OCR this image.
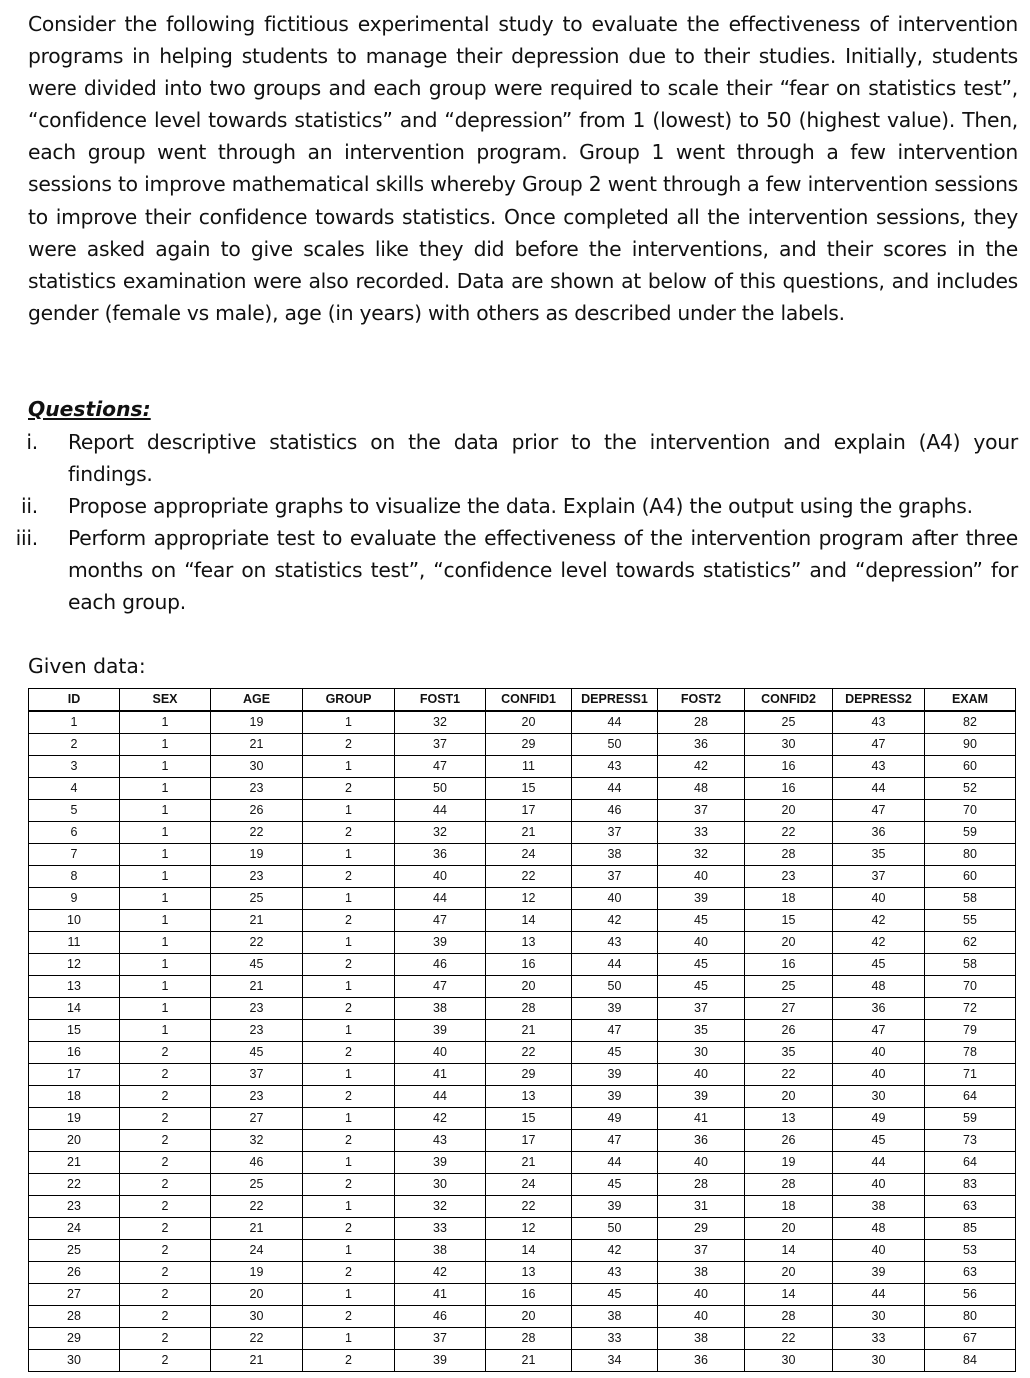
Consider the following fictitious experimental study to evaluate the effectiveness of intervention programs in helping students to manage their depression due to their studies. Initially, students were divided into two groups and each group were required to scale their “fear on statistics test”, “confidence level towards statistics” and “depression” from 1 (lowest) to 50 (highest value). Then, each group went through an intervention program. Group 1 went through a few intervention sessions to improve mathematical skills whereby Group 2 went through a few intervention sessions to improve their confidence towards statistics. Once completed all the intervention sessions, they were asked again to give scales like they did before the interventions, and their scores in the statistics examination were also recorded. Data are shown at below of this questions, and includes gender (female vs male), age (in years) with others as described under the labels.
Questions:
i. Report descriptive statistics on the data prior to the intervention and explain (A4) your findings.
ii. Propose appropriate graphs to visualize the data. Explain (A4) the output using the graphs.
iii. Perform appropriate test to evaluate the effectiveness of the intervention program after three months on “fear on statistics test”, “confidence level towards statistics” and “depression” for each group.
Given data:
ID	SEX	AGE	GROUP	FOST1	CONFID1	DEPRESS1	FOST2	CONFID2	DEPRESS2	EXAM
1	1	19	1	32	20	44	28	25	43	82
2	1	21	2	37	29	50	36	30	47	90
3	1	30	1	47	11	43	42	16	43	60
4	1	23	2	50	15	44	48	16	44	52
5	1	26	1	44	17	46	37	20	47	70
6	1	22	2	32	21	37	33	22	36	59
7	1	19	1	36	24	38	32	28	35	80
8	1	23	2	40	22	37	40	23	37	60
9	1	25	1	44	12	40	39	18	40	58
10	1	21	2	47	14	42	45	15	42	55
11	1	22	1	39	13	43	40	20	42	62
12	1	45	2	46	16	44	45	16	45	58
13	1	21	1	47	20	50	45	25	48	70
14	1	23	2	38	28	39	37	27	36	72
15	1	23	1	39	21	47	35	26	47	79
16	2	45	2	40	22	45	30	35	40	78
17	2	37	1	41	29	39	40	22	40	71
18	2	23	2	44	13	39	39	20	30	64
19	2	27	1	42	15	49	41	13	49	59
20	2	32	2	43	17	47	36	26	45	73
21	2	46	1	39	21	44	40	19	44	64
22	2	25	2	30	24	45	28	28	40	83
23	2	22	1	32	22	39	31	18	38	63
24	2	21	2	33	12	50	29	20	48	85
25	2	24	1	38	14	42	37	14	40	53
26	2	19	2	42	13	43	38	20	39	63
27	2	20	1	41	16	45	40	14	44	56
28	2	30	2	46	20	38	40	28	30	80
29	2	22	1	37	28	33	38	22	33	67
30	2	21	2	39	21	34	36	30	30	84
